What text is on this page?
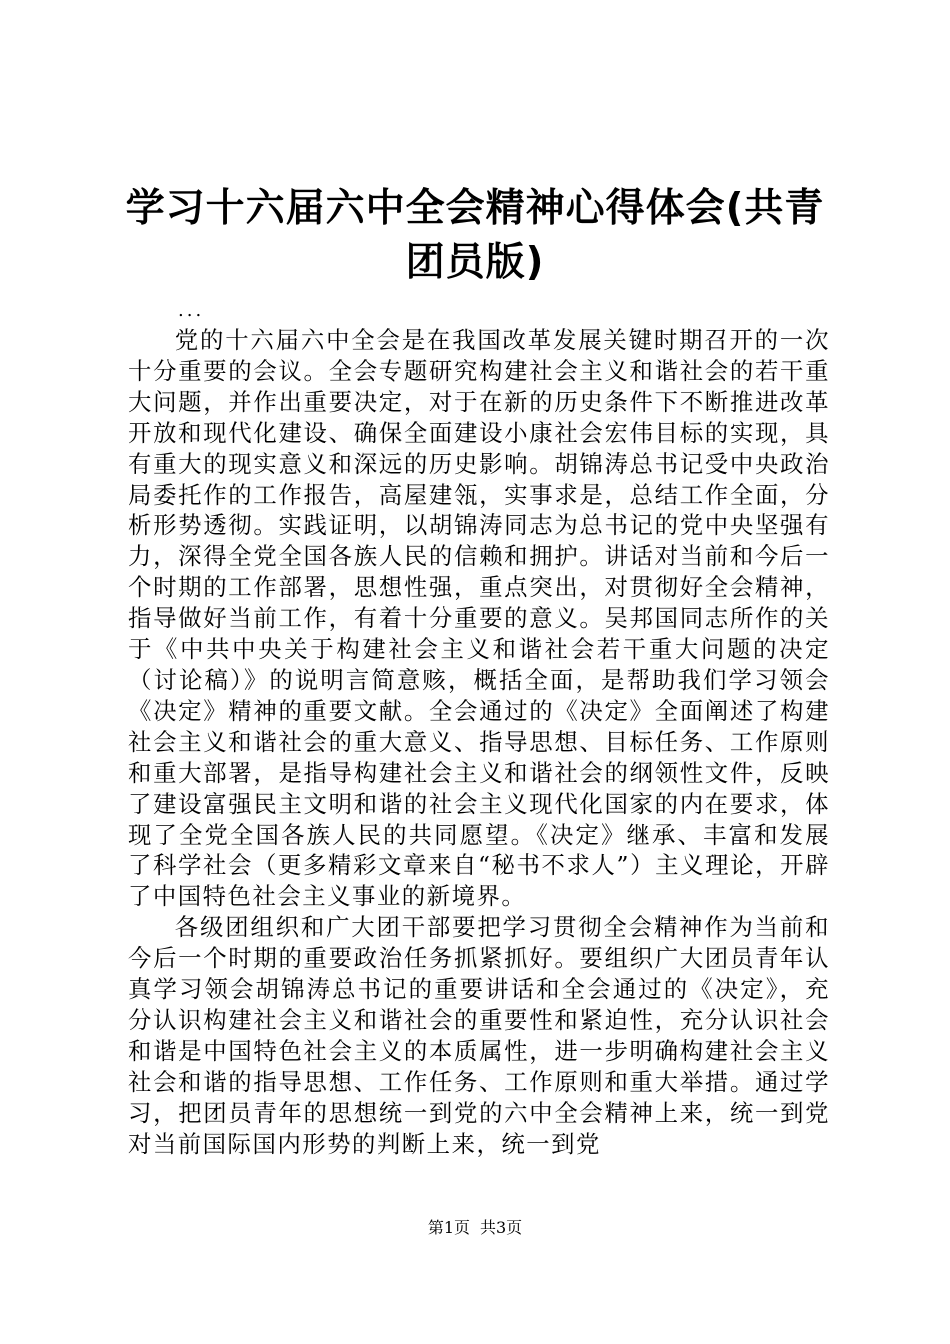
学习十六届六中全会精神心得体会(共青团员版)
...

党的十六届六中全会是在我国改革发展关键时期召开的一次十分重要的会议。全会专题研究构建社会主义和谐社会的若干重大问题，并作出重要决定，对于在新的历史条件下不断推进改革开放和现代化建设、确保全面建设小康社会宏伟目标的实现，具有重大的现实意义和深远的历史影响。胡锦涛总书记受中央政治局委托作的工作报告，高屋建瓴，实事求是，总结工作全面，分析形势透彻。实践证明，以胡锦涛同志为总书记的党中央坚强有力，深得全党全国各族人民的信赖和拥护。讲话对当前和今后一个时期的工作部署，思想性强，重点突出，对贯彻好全会精神，指导做好当前工作，有着十分重要的意义。吴邦国同志所作的关于《中共中央关于构建社会主义和谐社会若干重大问题的决定（讨论稿）》的说明言简意赅，概括全面，是帮助我们学习领会《决定》精神的重要文献。全会通过的《决定》全面阐述了构建社会主义和谐社会的重大意义、指导思想、目标任务、工作原则和重大部署，是指导构建社会主义和谐社会的纲领性文件，反映了建设富强民主文明和谐的社会主义现代化国家的内在要求，体现了全党全国各族人民的共同愿望。《决定》继承、丰富和发展了科学社会（更多精彩文章来自“秘书不求人”）主义理论，开辟了中国特色社会主义事业的新境界。

各级团组织和广大团干部要把学习贯彻全会精神作为当前和今后一个时期的重要政治任务抓紧抓好。要组织广大团员青年认真学习领会胡锦涛总书记的重要讲话和全会通过的《决定》，充分认识构建社会主义和谐社会的重要性和紧迫性，充分认识社会和谐是中国特色社会主义的本质属性，进一步明确构建社会主义社会和谐的指导思想、工作任务、工作原则和重大举措。通过学习，把团员青年的思想统一到党的六中全会精神上来，统一到党对当前国际国内形势的判断上来，统一到党

第1页 共3页
